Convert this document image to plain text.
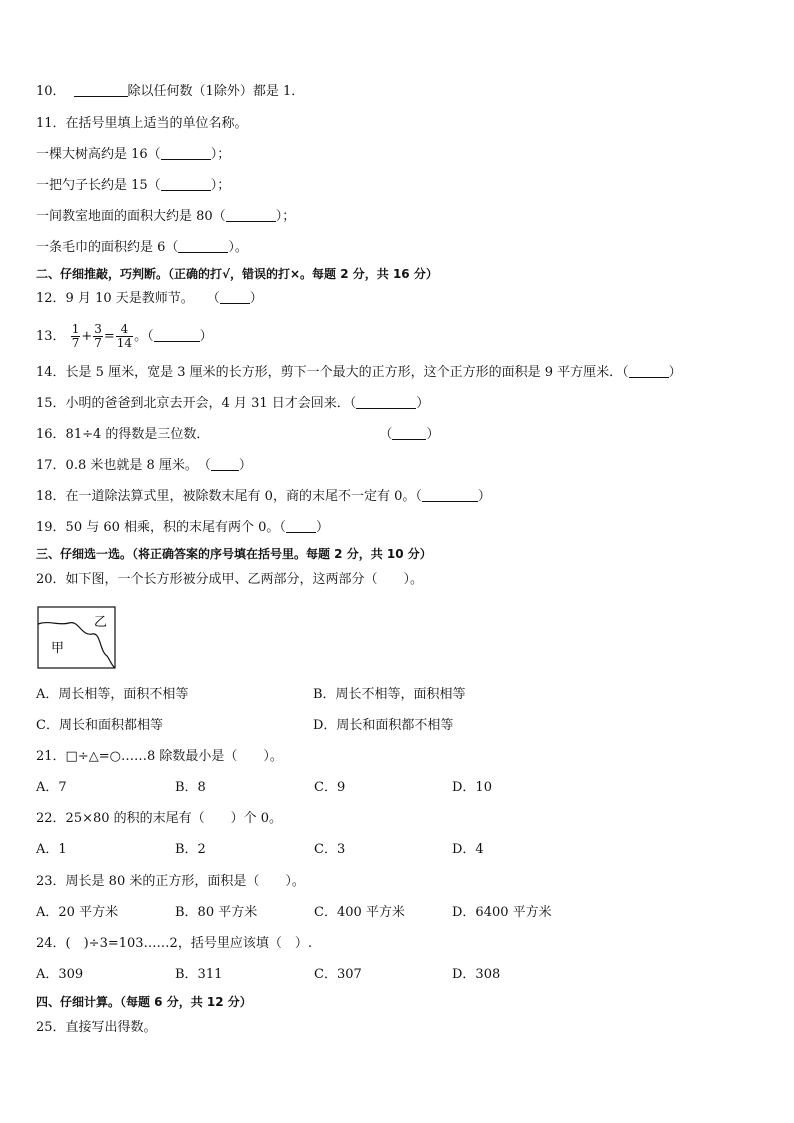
10．	除以任何数（1除外）都是 1．
11．在括号里填上适当的单位名称。
一棵大树高约是 16（	）；
一把勺子长约是 15（	）；
一间教室地面的面积大约是 80（	）；
一条毛巾的面积约是 6（	）。
二、仔细推敲，巧判断。（正确的打√，错误的打×。每题 2 分，共 16 分）
12．9 月 10 天是教师节。　　（ ）
13． $\frac{1}{7} + \frac{3}{7} = \frac{4}{14}$ 。（	）
14．长是 5 厘米，宽是 3 厘米的长方形，剪下一个最大的正方形，这个正方形的面积是 9 平方厘米．（	）
15．小明的爸爸到北京去开会，4 月 31 日才会回来．（	）
16．81÷4 的得数是三位数．	（	）
17．0.8 米也就是 8 厘米。　（ ）
18．在一道除法算式里，被除数末尾有 0，商的末尾不一定有 0。（	）
19．50 与 60 相乘，积的末尾有两个 0。（ ）
三、仔细选一选。（将正确答案的序号填在括号里。每题 2 分，共 10 分）
20．如下图，一个长方形被分成甲、乙两部分，这两部分（　　）。
甲
乙
A．周长相等，面积不相等	B．周长不相等，面积相等
C．周长和面积都相等	D．周长和面积都不相等
21．□÷△=○……8 除数最小是（　　）。
A．7	B．8	C．9	D．10
22．25×80 的积的末尾有（　　）个 0。
A．1	B．2	C．3	D．4
23．周长是 80 米的正方形，面积是（　　）。
A．20 平方米	B．80 平方米	C．400 平方米	D．6400 平方米
24．(　)÷3=103……2，括号里应该填（　）.
A．309	B．311	C．307	D．308
四、仔细计算。（每题 6 分，共 12 分）
25．直接写出得数。
